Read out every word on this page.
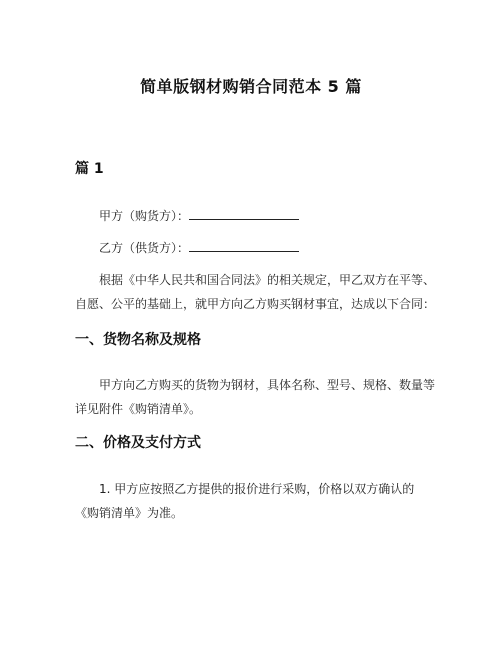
简单版钢材购销合同范本 5 篇
篇 1
甲方（购货方）：
乙方（供货方）：
根据《中华人民共和国合同法》的相关规定，甲乙双方在平等、自愿、公平的基础上，就甲方向乙方购买钢材事宜，达成以下合同：
一、货物名称及规格
甲方向乙方购买的货物为钢材，具体名称、型号、规格、数量等详见附件《购销清单》。
二、价格及支付方式
1. 甲方应按照乙方提供的报价进行采购，价格以双方确认的《购销清单》为准。
